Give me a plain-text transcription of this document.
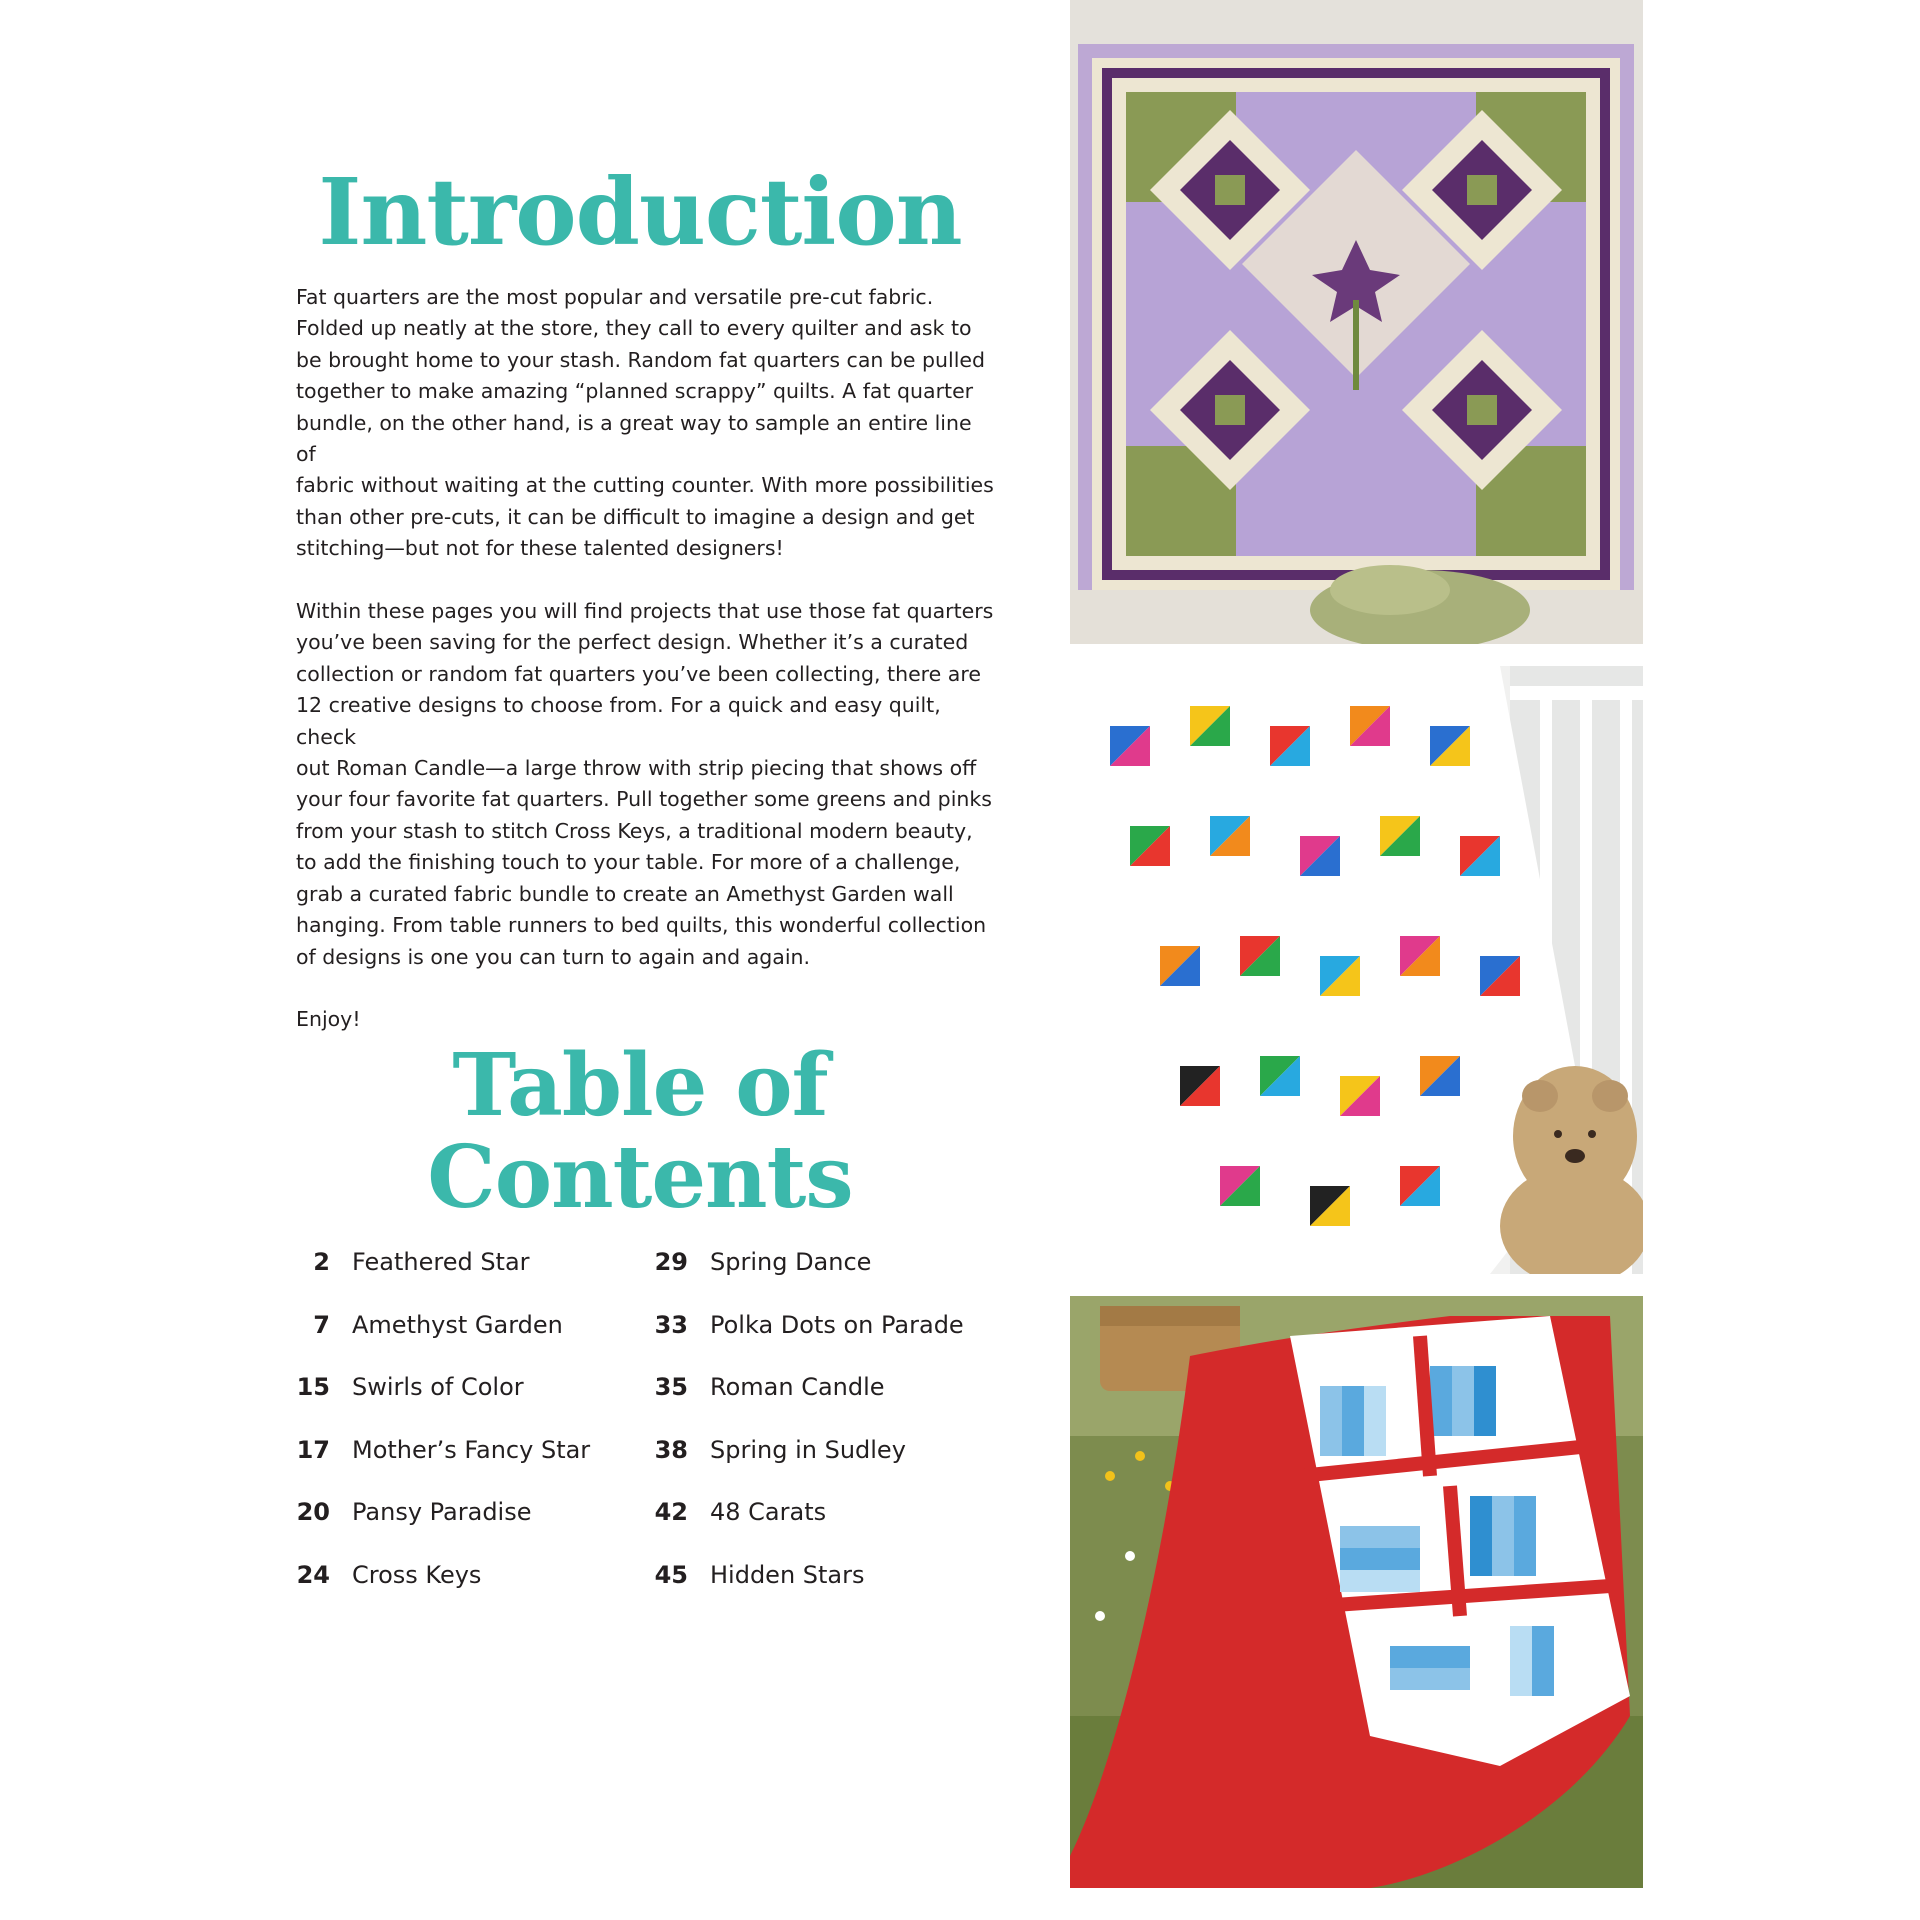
Introduction

Fat quarters are the most popular and versatile pre-cut fabric.
Folded up neatly at the store, they call to every quilter and ask to
be brought home to your stash. Random fat quarters can be pulled
together to make amazing “planned scrappy” quilts. A fat quarter
bundle, on the other hand, is a great way to sample an entire line of
fabric without waiting at the cutting counter. With more possibilities
than other pre-cuts, it can be difficult to imagine a design and get
stitching—but not for these talented designers!

Within these pages you will find projects that use those fat quarters
you’ve been saving for the perfect design. Whether it’s a curated
collection or random fat quarters you’ve been collecting, there are
12 creative designs to choose from. For a quick and easy quilt, check
out Roman Candle—a large throw with strip piecing that shows off
your four favorite fat quarters. Pull together some greens and pinks
from your stash to stitch Cross Keys, a traditional modern beauty,
to add the finishing touch to your table. For more of a challenge,
grab a curated fabric bundle to create an Amethyst Garden wall
hanging. From table runners to bed quilts, this wonderful collection
of designs is one you can turn to again and again.

Enjoy!

Table of
Contents
2 Feathered Star
7 Amethyst Garden
15 Swirls of Color
17 Mother’s Fancy Star
20 Pansy Paradise
24 Cross Keys
29 Spring Dance
33 Polka Dots on Parade
35 Roman Candle
38 Spring in Sudley
42 48 Carats
45 Hidden Stars
